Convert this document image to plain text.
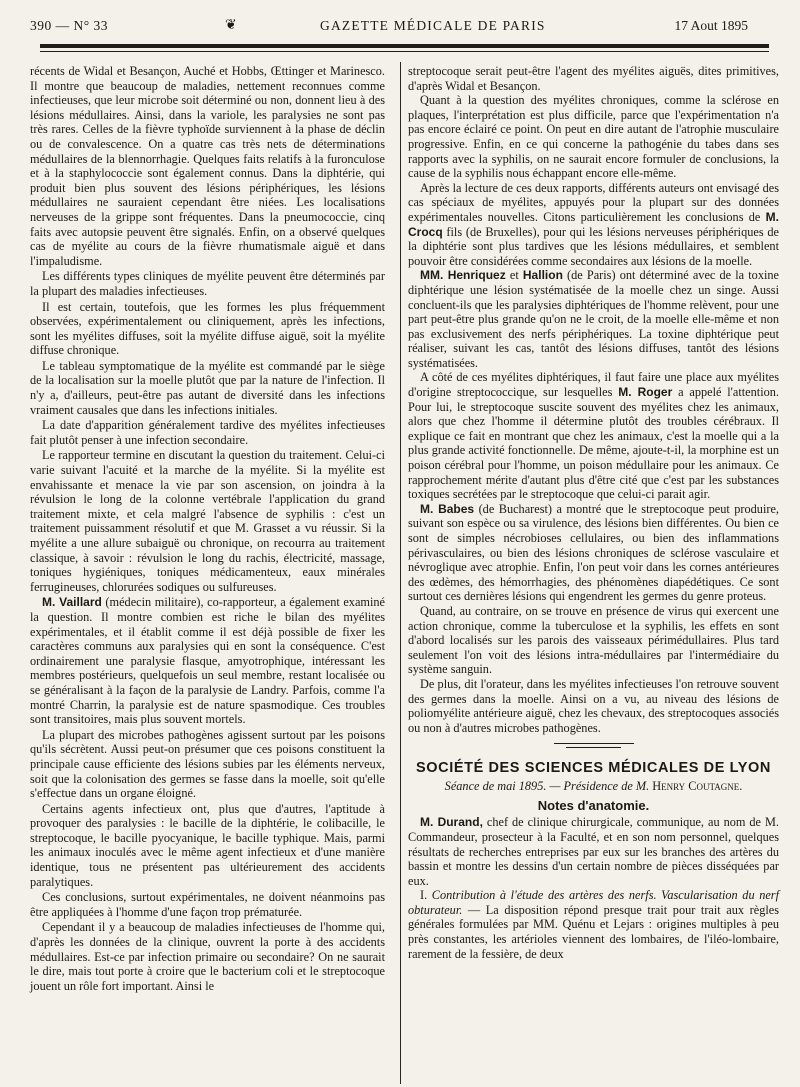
390 — N° 33	❦	GAZETTE MÉDICALE DE PARIS	17 Aout 1895

récents de Widal et Besançon, Auché et Hobbs, Œttinger et Marinesco. Il montre que beaucoup de maladies, nettement reconnues comme infectieuses, que leur microbe soit déterminé ou non, donnent lieu à des lésions médullaires. Ainsi, dans la variole, les paralysies ne sont pas très rares. Celles de la fièvre typhoïde surviennent à la phase de déclin ou de convalescence. On a quatre cas très nets de déterminations médullaires de la blennorrhagie. Quelques faits relatifs à la furonculose et à la staphylococcie sont également connus. Dans la diphtérie, qui produit bien plus souvent des lésions périphériques, les lésions médullaires ne sauraient cependant être niées. Les localisations nerveuses de la grippe sont fréquentes. Dans la pneumococcie, cinq faits avec autopsie peuvent être signalés. Enfin, on a observé quelques cas de myélite au cours de la fièvre rhumatismale aiguë et dans l'impaludisme.

Les différents types cliniques de myélite peuvent être déterminés par la plupart des maladies infectieuses.

Il est certain, toutefois, que les formes les plus fréquemment observées, expérimentalement ou cliniquement, après les infections, sont les myélites diffuses, soit la myélite diffuse aiguë, soit la myélite diffuse chronique.

Le tableau symptomatique de la myélite est commandé par le siège de la localisation sur la moelle plutôt que par la nature de l'infection. Il n'y a, d'ailleurs, peut-être pas autant de diversité dans les infections vraiment causales que dans les infections initiales.

La date d'apparition généralement tardive des myélites infectieuses fait plutôt penser à une infection secondaire.

Le rapporteur termine en discutant la question du traitement. Celui-ci varie suivant l'acuité et la marche de la myélite. Si la myélite est envahissante et menace la vie par son ascension, on joindra à la révulsion le long de la colonne vertébrale l'application du grand traitement mixte, et cela malgré l'absence de syphilis : c'est un traitement puissamment résolutif et que M. Grasset a vu réussir. Si la myélite a une allure subaiguë ou chronique, on recourra au traitement classique, à savoir : révulsion le long du rachis, électricité, massage, toniques hygiéniques, toniques médicamenteux, eaux minérales ferrugineuses, chlorurées sodiques ou sulfureuses.

M. Vaillard (médecin militaire), co-rapporteur, a également examiné la question. Il montre combien est riche le bilan des myélites expérimentales, et il établit comme il est déjà possible de fixer les caractères communs aux paralysies qui en sont la conséquence. C'est ordinairement une paralysie flasque, amyotrophique, intéressant les membres postérieurs, quelquefois un seul membre, restant localisée ou se généralisant à la façon de la paralysie de Landry. Parfois, comme l'a montré Charrin, la paralysie est de nature spasmodique. Ces troubles sont transitoires, mais plus souvent mortels.

La plupart des microbes pathogènes agissent surtout par les poisons qu'ils sécrètent. Aussi peut-on présumer que ces poisons constituent la principale cause efficiente des lésions subies par les éléments nerveux, soit que la colonisation des germes se fasse dans la moelle, soit qu'elle s'effectue dans un organe éloigné.

Certains agents infectieux ont, plus que d'autres, l'aptitude à provoquer des paralysies : le bacille de la diphtérie, le colibacille, le streptocoque, le bacille pyocyanique, le bacille typhique. Mais, parmi les animaux inoculés avec le même agent infectieux et d'une manière identique, tous ne présentent pas ultérieurement des accidents paralytiques.

Ces conclusions, surtout expérimentales, ne doivent néanmoins pas être appliquées à l'homme d'une façon trop prématurée.

Cependant il y a beaucoup de maladies infectieuses de l'homme qui, d'après les données de la clinique, ouvrent la porte à des accidents médullaires. Est-ce par infection primaire ou secondaire? On ne saurait le dire, mais tout porte à croire que le bacterium coli et le streptocoque jouent un rôle fort important. Ainsi le

streptocoque serait peut-être l'agent des myélites aiguës, dites primitives, d'après Widal et Besançon.

Quant à la question des myélites chroniques, comme la sclérose en plaques, l'interprétation est plus difficile, parce que l'expérimentation n'a pas encore éclairé ce point. On peut en dire autant de l'atrophie musculaire progressive. Enfin, en ce qui concerne la pathogénie du tabes dans ses rapports avec la syphilis, on ne saurait encore formuler de conclusions, la cause de la syphilis nous échappant encore elle-même.

Après la lecture de ces deux rapports, différents auteurs ont envisagé des cas spéciaux de myélites, appuyés pour la plupart sur des données expérimentales nouvelles. Citons particulièrement les conclusions de M. Crocq fils (de Bruxelles), pour qui les lésions nerveuses périphériques de la diphtérie sont plus tardives que les lésions médullaires, et semblent pouvoir être considérées comme secondaires aux lésions de la moelle.

MM. Henriquez et Hallion (de Paris) ont déterminé avec de la toxine diphtérique une lésion systématisée de la moelle chez un singe. Aussi concluent-ils que les paralysies diphtériques de l'homme relèvent, pour une part peut-être plus grande qu'on ne le croit, de la moelle elle-même et non pas exclusivement des nerfs périphériques. La toxine diphtérique peut réaliser, suivant les cas, tantôt des lésions diffuses, tantôt des lésions systématisées.

A côté de ces myélites diphtériques, il faut faire une place aux myélites d'origine streptococcique, sur lesquelles M. Roger a appelé l'attention. Pour lui, le streptocoque suscite souvent des myélites chez les animaux, alors que chez l'homme il détermine plutôt des troubles cérébraux. Il explique ce fait en montrant que chez les animaux, c'est la moelle qui a la plus grande activité fonctionnelle. De même, ajoute-t-il, la morphine est un poison cérébral pour l'homme, un poison médullaire pour les animaux. Ce rapprochement mérite d'autant plus d'être cité que c'est par les substances toxiques secrétées par le streptocoque que celui-ci parait agir.

M. Babes (de Bucharest) a montré que le streptocoque peut produire, suivant son espèce ou sa virulence, des lésions bien différentes. Ou bien ce sont de simples nécrobioses cellulaires, ou bien des inflammations périvasculaires, ou bien des lésions chroniques de sclérose vasculaire et névroglique avec atrophie. Enfin, l'on peut voir dans les cornes antérieures des œdèmes, des hémorrhagies, des phénomènes diapédétiques. Ce sont surtout ces dernières lésions qui engendrent les germes du genre proteus.

Quand, au contraire, on se trouve en présence de virus qui exercent une action chronique, comme la tuberculose et la syphilis, les effets en sont d'abord localisés sur les parois des vaisseaux périmédullaires. Plus tard seulement l'on voit des lésions intra-médullaires par l'intermédiaire du système sanguin.

De plus, dit l'orateur, dans les myélites infectieuses l'on retrouve souvent des germes dans la moelle. Ainsi on a vu, au niveau des lésions de poliomyélite antérieure aiguë, chez les chevaux, des streptocoques associés ou non à d'autres microbes pathogènes.

SOCIÉTÉ DES SCIENCES MÉDICALES DE LYON
Séance de mai 1895. — Présidence de M. Henry Coutagne.
Notes d'anatomie.

M. Durand, chef de clinique chirurgicale, communique, au nom de M. Commandeur, prosecteur à la Faculté, et en son nom personnel, quelques résultats de recherches entreprises par eux sur les branches des artères du bassin et montre les dessins d'un certain nombre de pièces disséquées par eux.

I. Contribution à l'étude des artères des nerfs. Vascularisation du nerf obturateur. — La disposition répond presque trait pour trait aux règles générales formulées par MM. Quénu et Lejars : origines multiples à peu près constantes, les artérioles viennent des lombaires, de l'iléo-lombaire, rarement de la fessière, de deux
